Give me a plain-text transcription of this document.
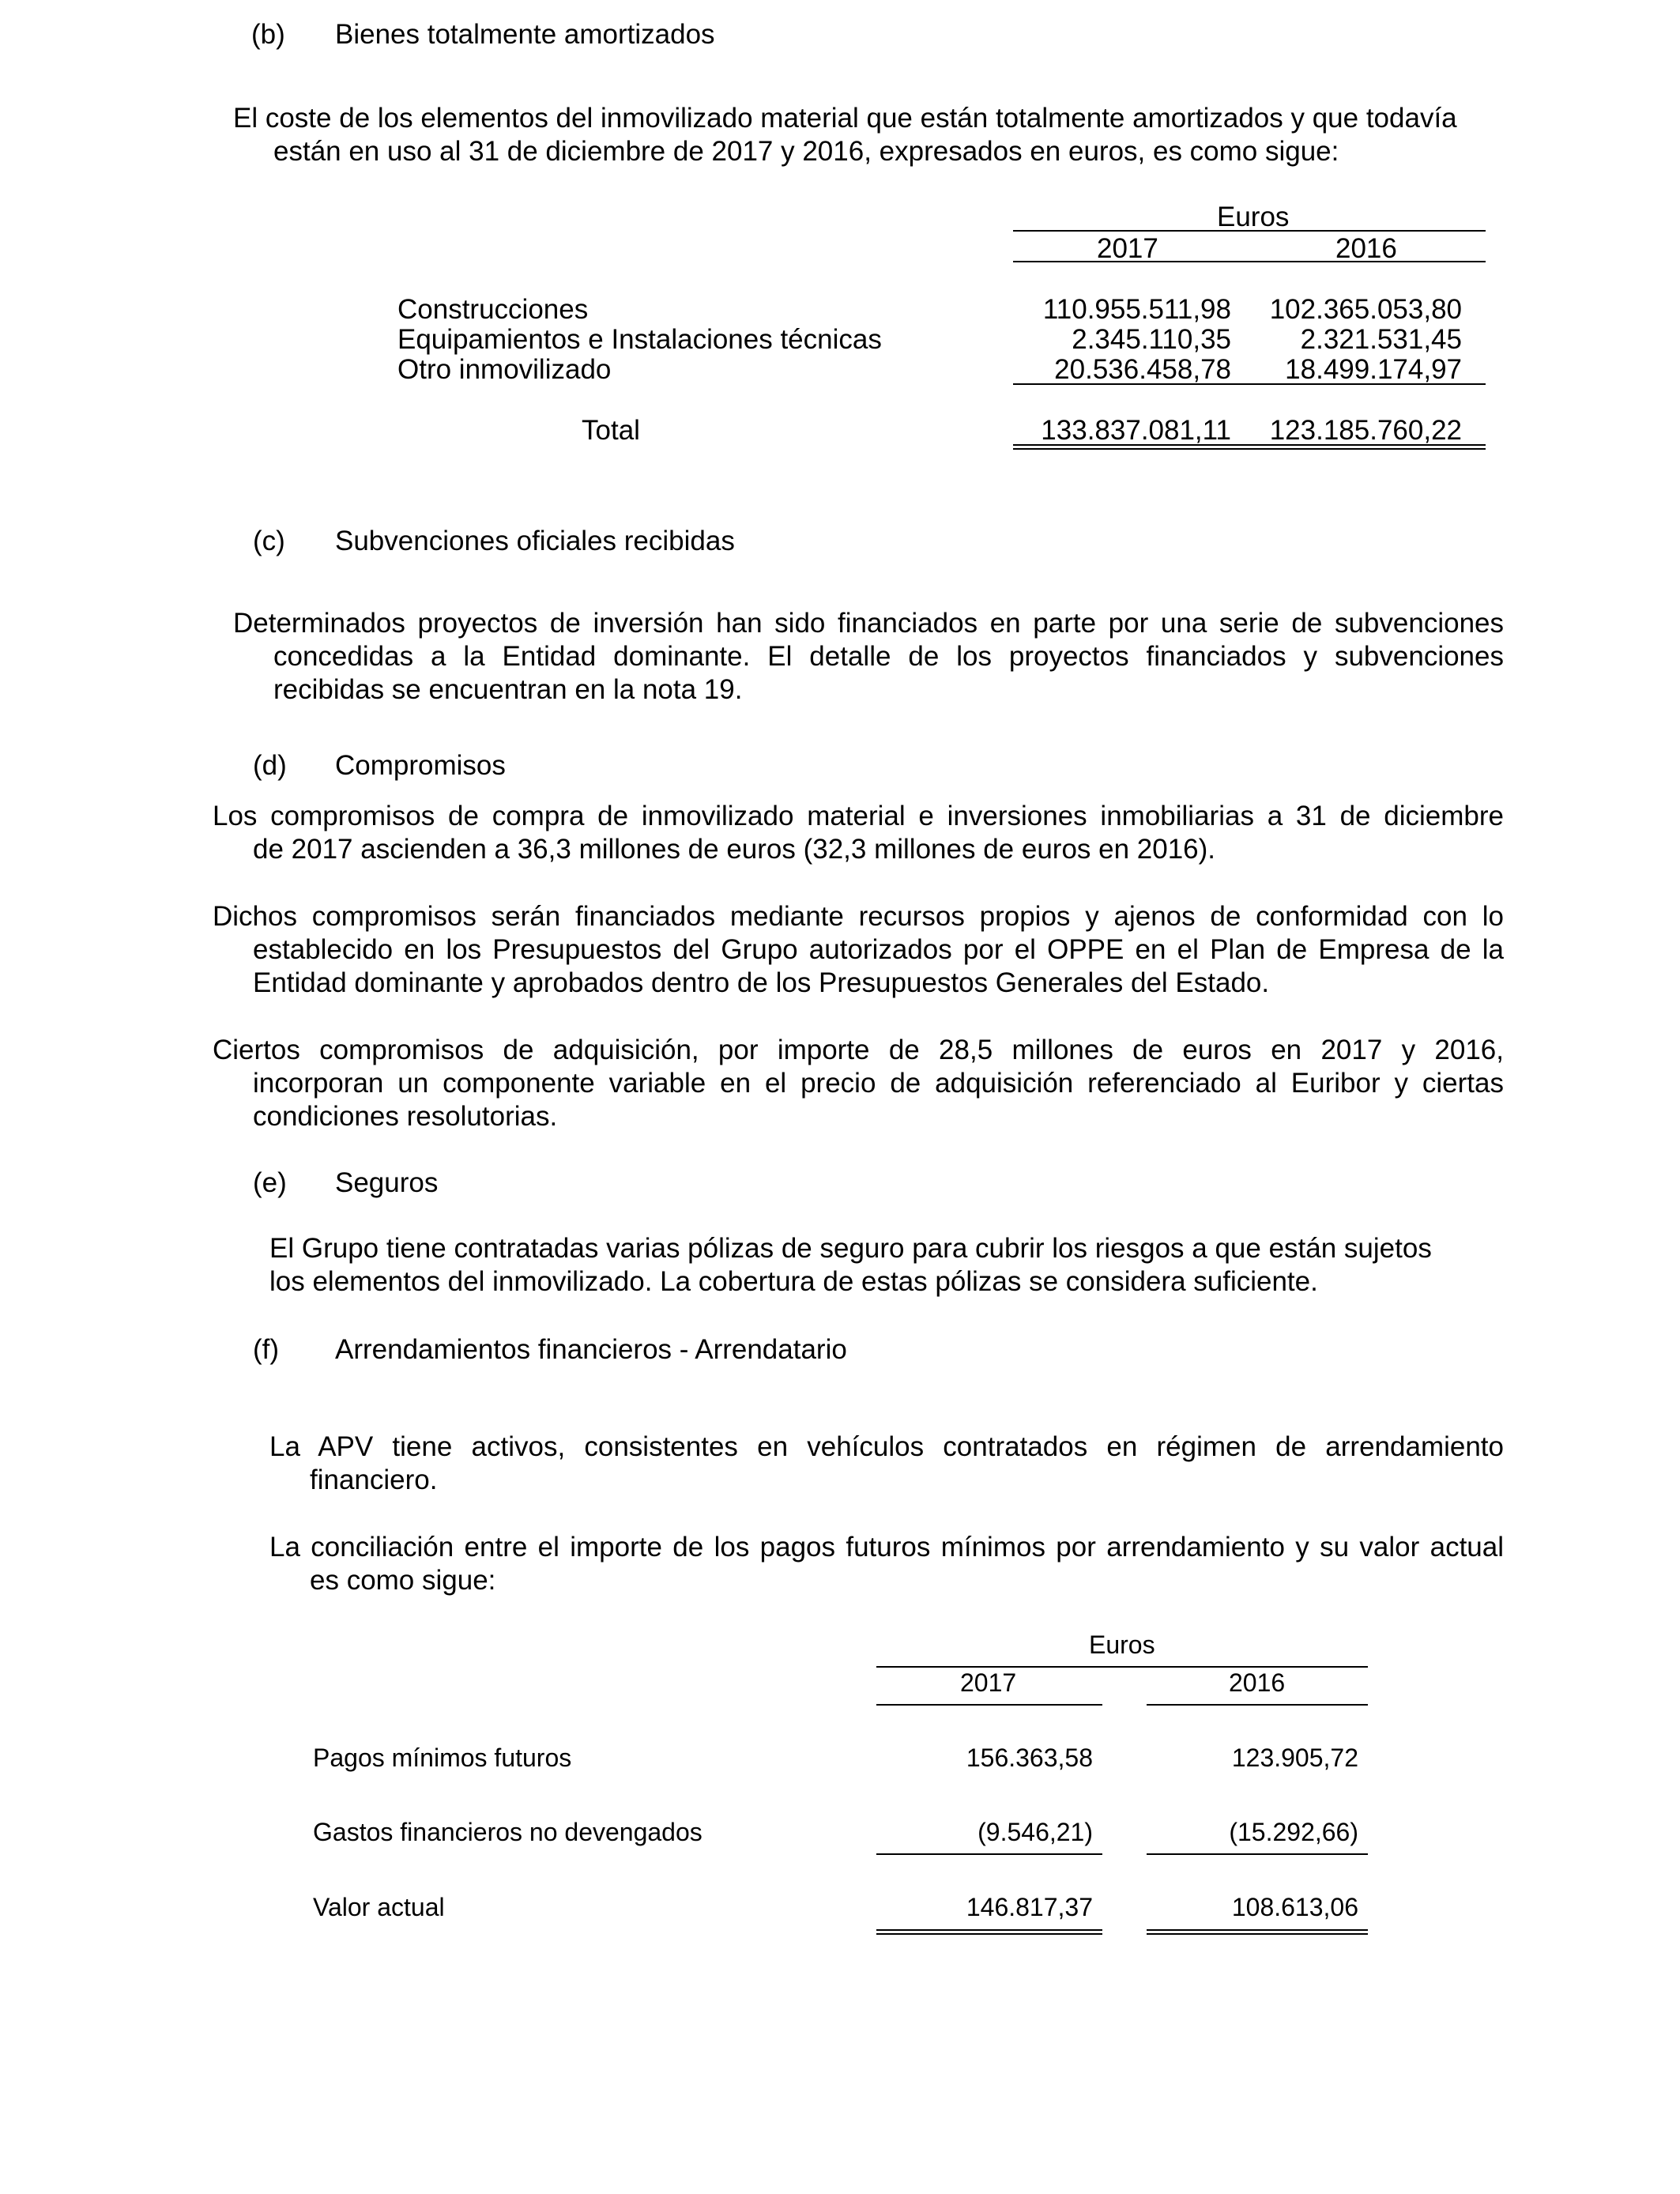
(b) Bienes totalmente amortizados
El coste de los elementos del inmovilizado material que están totalmente amortizados y que todavía
están en uso al 31 de diciembre de 2017 y 2016, expresados en euros, es como sigue:
Euros
2017	2016
Construcciones	110.955.511,98 102.365.053,80
Equipamientos e Instalaciones técnicas	2.345.110,35	2.321.531,45
Otro inmovilizado	20.536.458,78 18.499.174,97
Total	133.837.081,11 123.185.760,22
(c) Subvenciones oficiales recibidas
Determinados proyectos de inversión han sido financiados en parte por una serie de subvenciones
concedidas a la Entidad dominante. El detalle de los proyectos financiados y subvenciones
recibidas se encuentran en la nota 19.
(d) Compromisos
Los compromisos de compra de inmovilizado material e inversiones inmobiliarias a 31 de diciembre
de 2017 ascienden a 36,3 millones de euros (32,3 millones de euros en 2016).
Dichos compromisos serán financiados mediante recursos propios y ajenos de conformidad con lo
establecido en los Presupuestos del Grupo autorizados por el OPPE en el Plan de Empresa de la
Entidad dominante y aprobados dentro de los Presupuestos Generales del Estado.
Ciertos compromisos de adquisición, por importe de 28,5 millones de euros en 2017 y 2016,
incorporan un componente variable en el precio de adquisición referenciado al Euribor y ciertas
condiciones resolutorias.
(e) Seguros
El Grupo tiene contratadas varias pólizas de seguro para cubrir los riesgos a que están sujetos
los elementos del inmovilizado. La cobertura de estas pólizas se considera suficiente.
(f) Arrendamientos financieros - Arrendatario
La APV tiene activos, consistentes en vehículos contratados en régimen de arrendamiento
financiero.
La conciliación entre el importe de los pagos futuros mínimos por arrendamiento y su valor actual
es como sigue:
Euros
2017	2016
Pagos mínimos futuros	156.363,58	123.905,72
Gastos financieros no devengados	(9.546,21)	(15.292,66)
Valor actual	146.817,37	108.613,06
